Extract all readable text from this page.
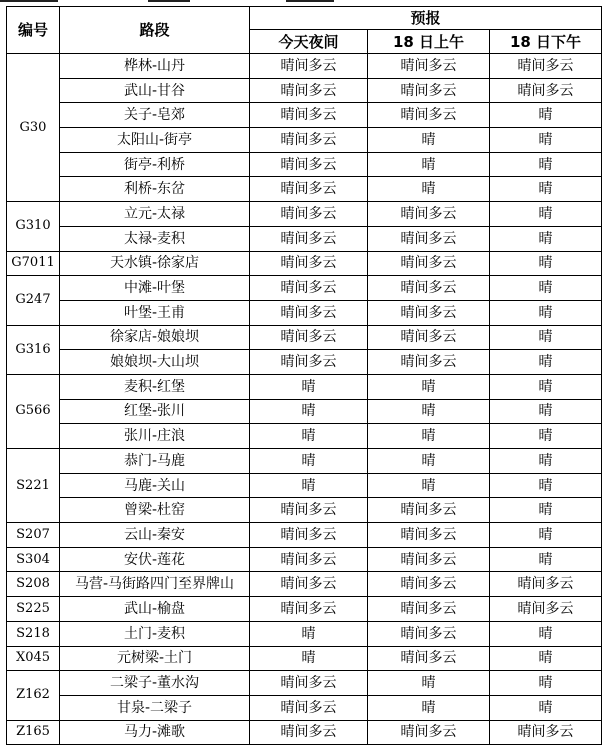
编号	路段	预报		
		今天夜间	18 日上午	18 日下午
G30	桦林-山丹	晴间多云	晴间多云	晴间多云
	武山-甘谷	晴间多云	晴间多云	晴间多云
	关子-皂郊	晴间多云	晴间多云	晴
	太阳山-街亭	晴间多云	晴	晴
	街亭-利桥	晴间多云	晴	晴
	利桥-东岔	晴间多云	晴	晴
G310	立元-太禄	晴间多云	晴间多云	晴
	太禄-麦积	晴间多云	晴间多云	晴
G7011	天水镇-徐家店	晴间多云	晴间多云	晴
G247	中滩-叶堡	晴间多云	晴间多云	晴
	叶堡-王甫	晴间多云	晴间多云	晴
G316	徐家店-娘娘坝	晴间多云	晴间多云	晴
	娘娘坝-大山坝	晴间多云	晴间多云	晴
G566	麦积-红堡	晴	晴	晴
	红堡-张川	晴	晴	晴
	张川-庄浪	晴	晴	晴
S221	恭门-马鹿	晴	晴	晴
	马鹿-关山	晴	晴	晴
	曾梁-杜窑	晴间多云	晴间多云	晴
S207	云山-秦安	晴间多云	晴间多云	晴
S304	安伏-莲花	晴间多云	晴间多云	晴
S208	马营-马街路四门至界牌山	晴间多云	晴间多云	晴间多云
S225	武山-榆盘	晴间多云	晴间多云	晴间多云
S218	土门-麦积	晴	晴间多云	晴
X045	元树梁-土门	晴	晴间多云	晴
Z162	二梁子-董水沟	晴间多云	晴	晴
	甘泉-二梁子	晴间多云	晴	晴
Z165	马力-滩歌	晴间多云	晴间多云	晴间多云
